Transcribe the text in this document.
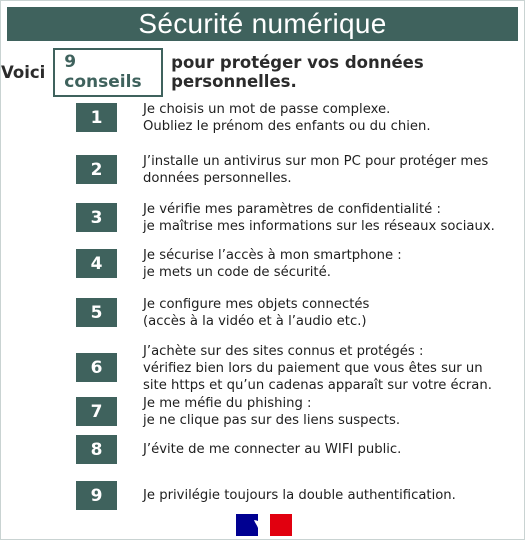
Sécurité numérique
Voici
9 conseils
pour protéger vos données personnelles.
1	Je choisis un mot de passe complexe.
Oubliez le prénom des enfants ou du chien.
2	J’installe un antivirus sur mon PC pour protéger mes
données personnelles.
3	Je vérifie mes paramètres de confidentialité :
je maîtrise mes informations sur les réseaux sociaux.
4	Je sécurise l’accès à mon smartphone :
je mets un code de sécurité.
5	Je configure mes objets connectés
(accès à la vidéo et à l’audio etc.)
6
J’achète sur des sites connus et protégés :
vérifiez bien lors du paiement que vous êtes sur un
site https et qu’un cadenas apparaît sur votre écran.
7	Je me méfie du phishing :
je ne clique pas sur des liens suspects.
8	J’évite de me connecter au WIFI public.
9	Je privilégie toujours la double authentification.
